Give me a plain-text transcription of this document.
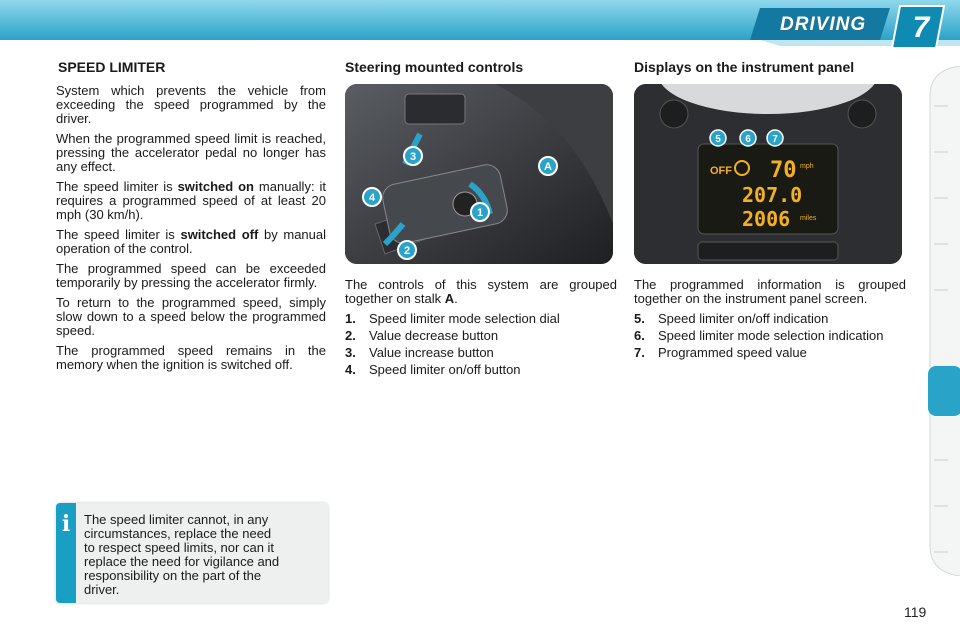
DRIVING 7
SPEED LIMITER

System which prevents the vehicle from exceeding the speed programmed by the driver.

When the programmed speed limit is reached, pressing the accelerator pedal no longer has any effect.

The speed limiter is switched on manually: it requires a programmed speed of at least 20 mph (30 km/h).

The speed limiter is switched off by manual operation of the control.

The programmed speed can be exceeded temporarily by pressing the accelerator firmly.

To return to the programmed speed, simply slow down to a speed below the programmed speed.

The programmed speed remains in the memory when the ignition is switched off.

Steering mounted controls
3
4
2
1
A

The controls of this system are grouped together on stalk A.

1.	Speed limiter mode selection dial
2.	Value decrease button
3.	Value increase button
4.	Speed limiter on/off button
Displays on the instrument panel
5 6 7
OFF 70 mph
207.0
2006 miles

The programmed information is grouped together on the instrument panel screen.

5.	Speed limiter on/off indication
6.	Speed limiter mode selection indication
7.	Programmed speed value
i	The speed limiter cannot, in any
circumstances, replace the need
to respect speed limits, nor can it
replace the need for vigilance and
responsibility on the part of the
driver.
119
